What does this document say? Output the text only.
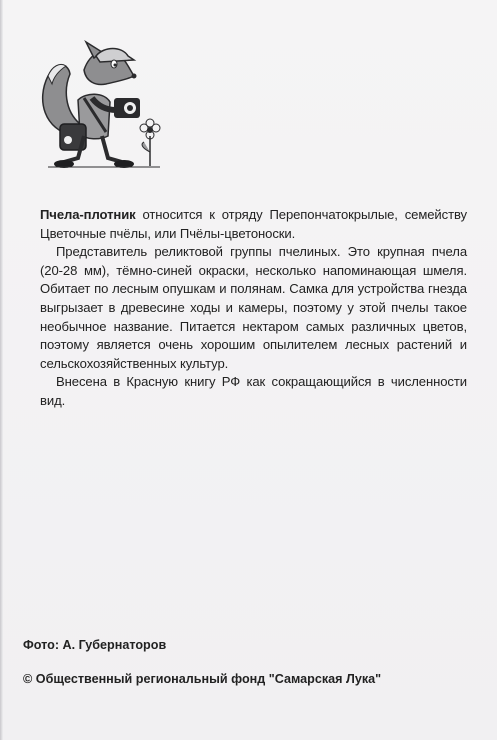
Пчела-плотник относится к отряду Перепончатокрылые, семейству Цветочные пчёлы, или Пчёлы-цветоноски.

Представитель реликтовой группы пчелиных. Это крупная пчела (20-28 мм), тёмно-синей окраски, несколько напоминающая шмеля. Обитает по лесным опушкам и полянам. Самка для устройства гнезда выгрызает в древесине ходы и камеры, поэтому у этой пчелы такое необычное название. Питается нектаром самых различных цветов, поэтому является очень хорошим опылителем лесных растений и сельскохозяйственных культур.

Внесена в Красную книгу РФ как сокращающийся в численности вид.

Фото: А. Губернаторов
© Общественный региональный фонд "Самарская Лука"
